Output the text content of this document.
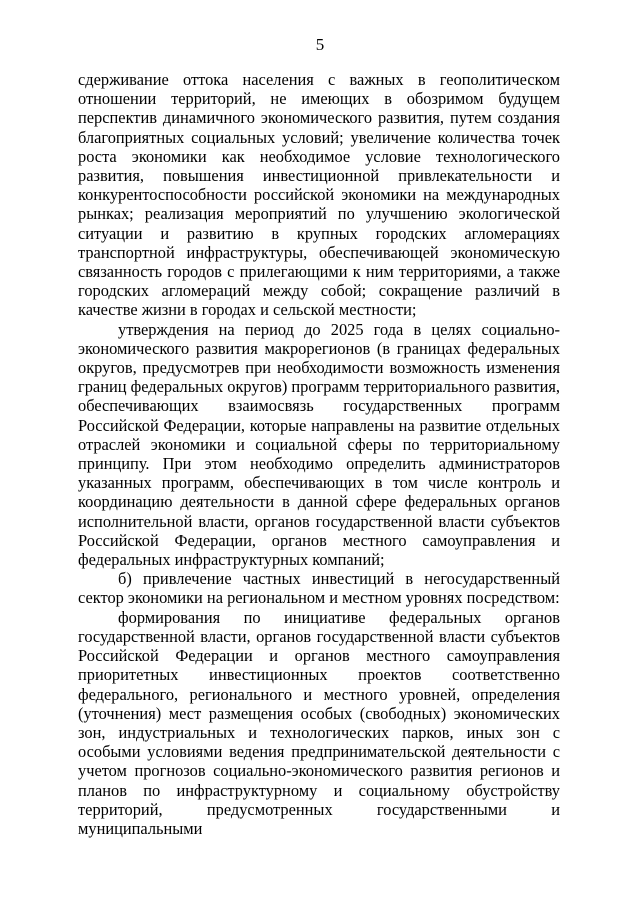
5

сдерживание оттока населения с важных в геополитическом отношении территорий, не имеющих в обозримом будущем перспектив динамичного экономического развития, путем создания благоприятных социальных условий; увеличение количества точек роста экономики как необходимое условие технологического развития, повышения инвестиционной привлекательности и конкурентоспособности российской экономики на международных рынках; реализация мероприятий по улучшению экологической ситуации и развитию в крупных городских агломерациях транспортной инфраструктуры, обеспечивающей экономическую связанность городов с прилегающими к ним территориями, а также городских агломераций между собой; сокращение различий в качестве жизни в городах и сельской местности;

утверждения на период до 2025 года в целях социально-экономического развития макрорегионов (в границах федеральных округов, предусмотрев при необходимости возможность изменения границ федеральных округов) программ территориального развития, обеспечивающих взаимосвязь государственных программ Российской Федерации, которые направлены на развитие отдельных отраслей экономики и социальной сферы по территориальному принципу. При этом необходимо определить администраторов указанных программ, обеспечивающих в том числе контроль и координацию деятельности в данной сфере федеральных органов исполнительной власти, органов государственной власти субъектов Российской Федерации, органов местного самоуправления и федеральных инфраструктурных компаний;

б) привлечение частных инвестиций в негосударственный сектор экономики на региональном и местном уровнях посредством:

формирования по инициативе федеральных органов государственной власти, органов государственной власти субъектов Российской Федерации и органов местного самоуправления приоритетных инвестиционных проектов соответственно федерального, регионального и местного уровней, определения (уточнения) мест размещения особых (свободных) экономических зон, индустриальных и технологических парков, иных зон с особыми условиями ведения предпринимательской деятельности с учетом прогнозов социально-экономического развития регионов и планов по инфраструктурному и социальному обустройству территорий, предусмотренных государственными и муниципальными
